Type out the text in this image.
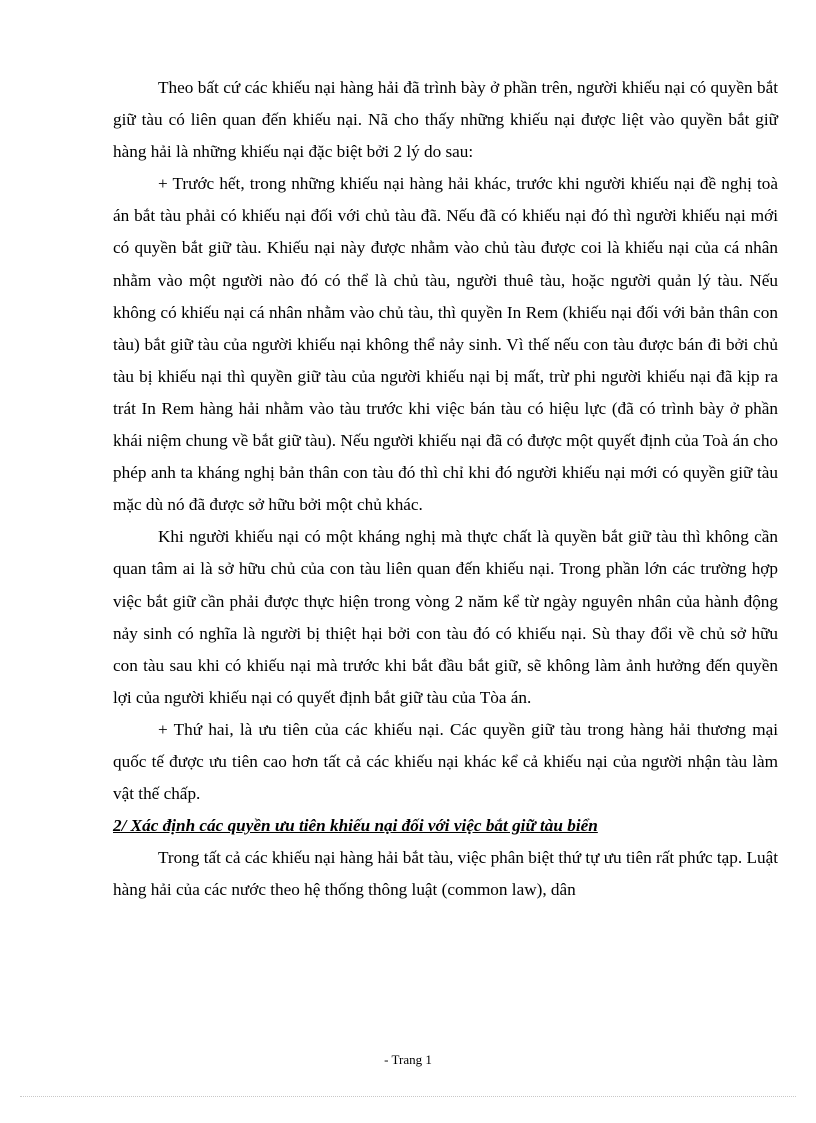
Theo bất cứ các khiếu nại hàng hải đã trình bày ở phần trên, người khiếu nại có quyền bắt giữ tàu có liên quan đến khiếu nại. Nã cho thấy những khiếu nại được liệt vào quyền bắt giữ hàng hải là những khiếu nại đặc biệt bởi 2 lý do sau:

+ Trước hết, trong những khiếu nại hàng hải khác, trước khi người khiếu nại đề nghị toà án bắt tàu phải có khiếu nại đối với chủ tàu đã. Nếu đã có khiếu nại đó thì người khiếu nại mới có quyền bắt giữ tàu. Khiếu nại này được nhằm vào chủ tàu được coi là khiếu nại của cá nhân nhằm vào một người nào đó có thể là chủ tàu, người thuê tàu, hoặc người quản lý tàu. Nếu không có khiếu nại cá nhân nhằm vào chủ tàu, thì quyền In Rem (khiếu nại đối với bản thân con tàu) bắt giữ tàu của người khiếu nại không thể nảy sinh. Vì thế nếu con tàu được bán đi bởi chủ tàu bị khiếu nại thì quyền giữ tàu của người khiếu nại bị mất, trừ phi người khiếu nại đã kịp ra trát In Rem hàng hải nhằm vào tàu trước khi việc bán tàu có hiệu lực (đã có trình bày ở phần khái niệm chung về bắt giữ tàu). Nếu người khiếu nại đã có được một quyết định của Toà án cho phép anh ta kháng nghị bản thân con tàu đó thì chỉ khi đó người khiếu nại mới có quyền giữ tàu mặc dù nó đã được sở hữu bởi một chủ khác.

Khi người khiếu nại có một kháng nghị mà thực chất là quyền bắt giữ tàu thì không cần quan tâm ai là sở hữu chủ của con tàu liên quan đến khiếu nại. Trong phần lớn các trường hợp việc bắt giữ cần phải được thực hiện trong vòng 2 năm kể từ ngày nguyên nhân của hành động nảy sinh có nghĩa là người bị thiệt hại bởi con tàu đó có khiếu nại. Sù thay đổi về chủ sở hữu con tàu sau khi có khiếu nại mà trước khi bắt đầu bắt giữ, sẽ không làm ảnh hưởng đến quyền lợi của người khiếu nại có quyết định bắt giữ tàu của Tòa án.

+ Thứ hai, là ưu tiên của các khiếu nại. Các quyền giữ tàu trong hàng hải thương mại quốc tế được ưu tiên cao hơn tất cả các khiếu nại khác kể cả khiếu nại của người nhận tàu làm vật thế chấp.

2/ Xác định các quyền ưu tiên khiếu nại đối với việc bắt giữ tàu biển

Trong tất cả các khiếu nại hàng hải bắt tàu, việc phân biệt thứ tự ưu tiên rất phức tạp. Luật hàng hải của các nước theo hệ thống thông luật (common law), dân

- Trang 1
